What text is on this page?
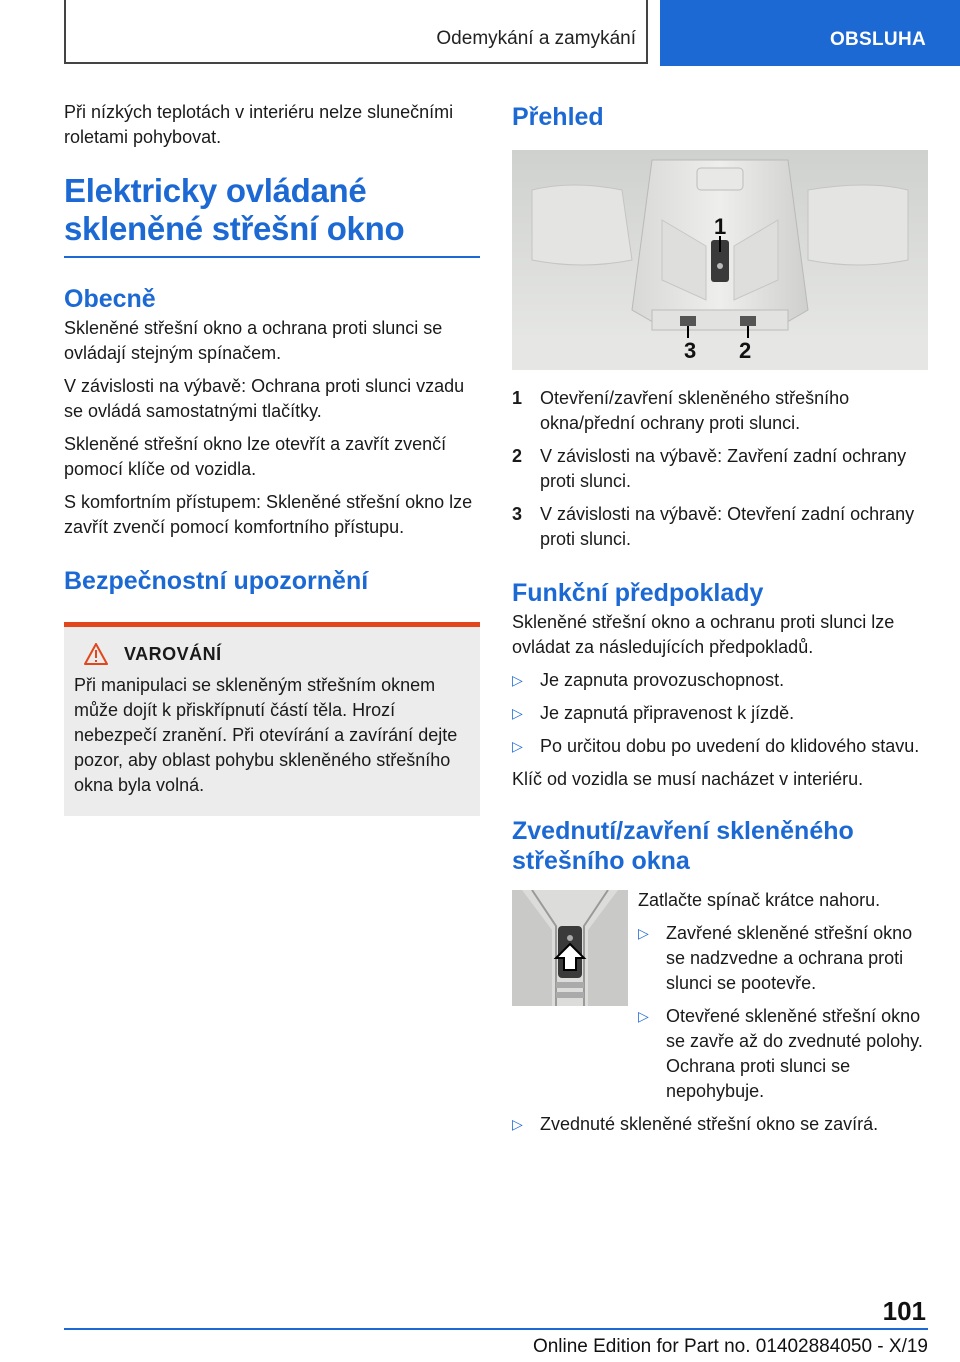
Odemykání a zamykání	OBSLUHA

Při nízkých teplotách v interiéru nelze slunečními roletami pohybovat.

Elektricky ovládané skleněné střešní okno
Obecně

Skleněné střešní okno a ochrana proti slunci se ovládají stejným spínačem.

V závislosti na výbavě: Ochrana proti slunci vzadu se ovládá samostatnými tlačítky.

Skleněné střešní okno lze otevřít a zavřít zvenčí pomocí klíče od vozidla.

S komfortním přístupem: Skleněné střešní okno lze zavřít zvenčí pomocí komfortního přístupu.

Bezpečnostní upozornění
VAROVÁNÍ

Při manipulaci se skleněným střešním oknem může dojít k přiskřípnutí částí těla. Hrozí nebezpečí zranění. Při otevírání a zavírání dejte pozor, aby oblast pohybu skleněného střešního okna byla volná.

Přehled
1
2
3
1 Otevření/zavření skleněného střešního okna/přední ochrany proti slunci.

2 V závislosti na výbavě: Zavření zadní ochrany proti slunci.

3 V závislosti na výbavě: Otevření zadní ochrany proti slunci.

Funkční předpoklady

Skleněné střešní okno a ochranu proti slunci lze ovládat za následujících předpokladů.

▷ Je zapnuta provozuschopnost.

▷ Je zapnutá připravenost k jízdě.

▷ Po určitou dobu po uvedení do klidového stavu.

Klíč od vozidla se musí nacházet v interiéru.

Zvednutí/zavření skleněného střešního okna

Zatlačte spínač krátce nahoru.

▷ Zavřené skleněné střešní okno se nadzvedne a ochrana proti slunci se pootevře.

▷ Otevřené skleněné střešní okno se zavře až do zvednuté polohy. Ochrana proti slunci se nepohybuje.

▷ Zvednuté skleněné střešní okno se zavírá.

101
Online Edition for Part no. 01402884050 - X/19
